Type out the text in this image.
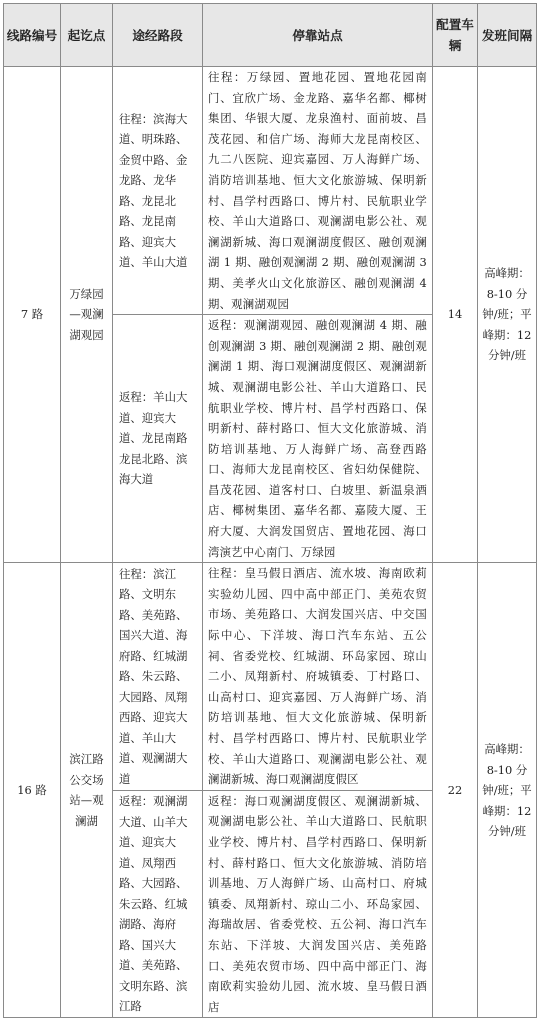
线路编号	起讫点	途经路段	停靠站点	配置车辆	发班间隔

7 路	万绿园—观澜湖观园	往程：滨海大道、明珠路、金贸中路、金龙路、龙华路、龙昆北路、龙昆南路、迎宾大道、羊山大道	往程：万绿园、置地花园、置地花园南门、宜欣广场、金龙路、嘉华名都、椰树集团、华银大厦、龙泉渔村、面前坡、昌茂花园、和信广场、海师大龙昆南校区、九二八医院、迎宾嘉园、万人海鲜广场、消防培训基地、恒大文化旅游城、保明新村、昌学村西路口、博片村、民航职业学校、羊山大道路口、观澜湖电影公社、观澜湖新城、海口观澜湖度假区、融创观澜湖 1 期、融创观澜湖 2 期、融创观澜湖 3 期、美孝火山文化旅游区、融创观澜湖 4 期、观澜湖观园	14	高峰期：8-10 分钟/班；平峰期：12 分钟/班

		返程：羊山大道、迎宾大道、龙昆南路龙昆北路、滨海大道	返程：观澜湖观园、融创观澜湖 4 期、融创观澜湖 3 期、融创观澜湖 2 期、融创观澜湖 1 期、海口观澜湖度假区、观澜湖新城、观澜湖电影公社、羊山大道路口、民航职业学校、博片村、昌学村西路口、保明新村、薛村路口、恒大文化旅游城、消防培训基地、万人海鲜广场、高登西路口、海师大龙昆南校区、省妇幼保健院、昌茂花园、道客村口、白坡里、新温泉酒店、椰树集团、嘉华名都、嘉陵大厦、王府大厦、大润发国贸店、置地花园、海口湾演艺中心南门、万绿园		

16 路	滨江路公交场站—观澜湖	往程：滨江路、文明东路、美苑路、国兴大道、海府路、红城湖路、朱云路、大园路、凤翔西路、迎宾大道、羊山大道、观澜湖大道	往程：皇马假日酒店、流水坡、海南欧莉实验幼儿园、四中高中部正门、美苑农贸市场、美苑路口、大润发国兴店、中交国际中心、下洋坡、海口汽车东站、五公祠、省委党校、红城湖、环岛家园、琼山二小、凤翔新村、府城镇委、丁村路口、山高村口、迎宾嘉园、万人海鲜广场、消防培训基地、恒大文化旅游城、保明新村、昌学村西路口、博片村、民航职业学校、羊山大道路口、观澜湖电影公社、观澜湖新城、海口观澜湖度假区	22	高峰期：8-10 分钟/班；平峰期：12 分钟/班

		返程：观澜湖大道、山羊大道、迎宾大道、凤翔西路、大园路、朱云路、红城湖路、海府路、国兴大道、美苑路、文明东路、滨江路	返程：海口观澜湖度假区、观澜湖新城、观澜湖电影公社、羊山大道路口、民航职业学校、博片村、昌学村西路口、保明新村、薛村路口、恒大文化旅游城、消防培训基地、万人海鲜广场、山高村口、府城镇委、凤翔新村、琼山二小、环岛家园、海瑞故居、省委党校、五公祠、海口汽车东站、下洋坡、大润发国兴店、美苑路口、美苑农贸市场、四中高中部正门、海南欧莉实验幼儿园、流水坡、皇马假日酒店		
